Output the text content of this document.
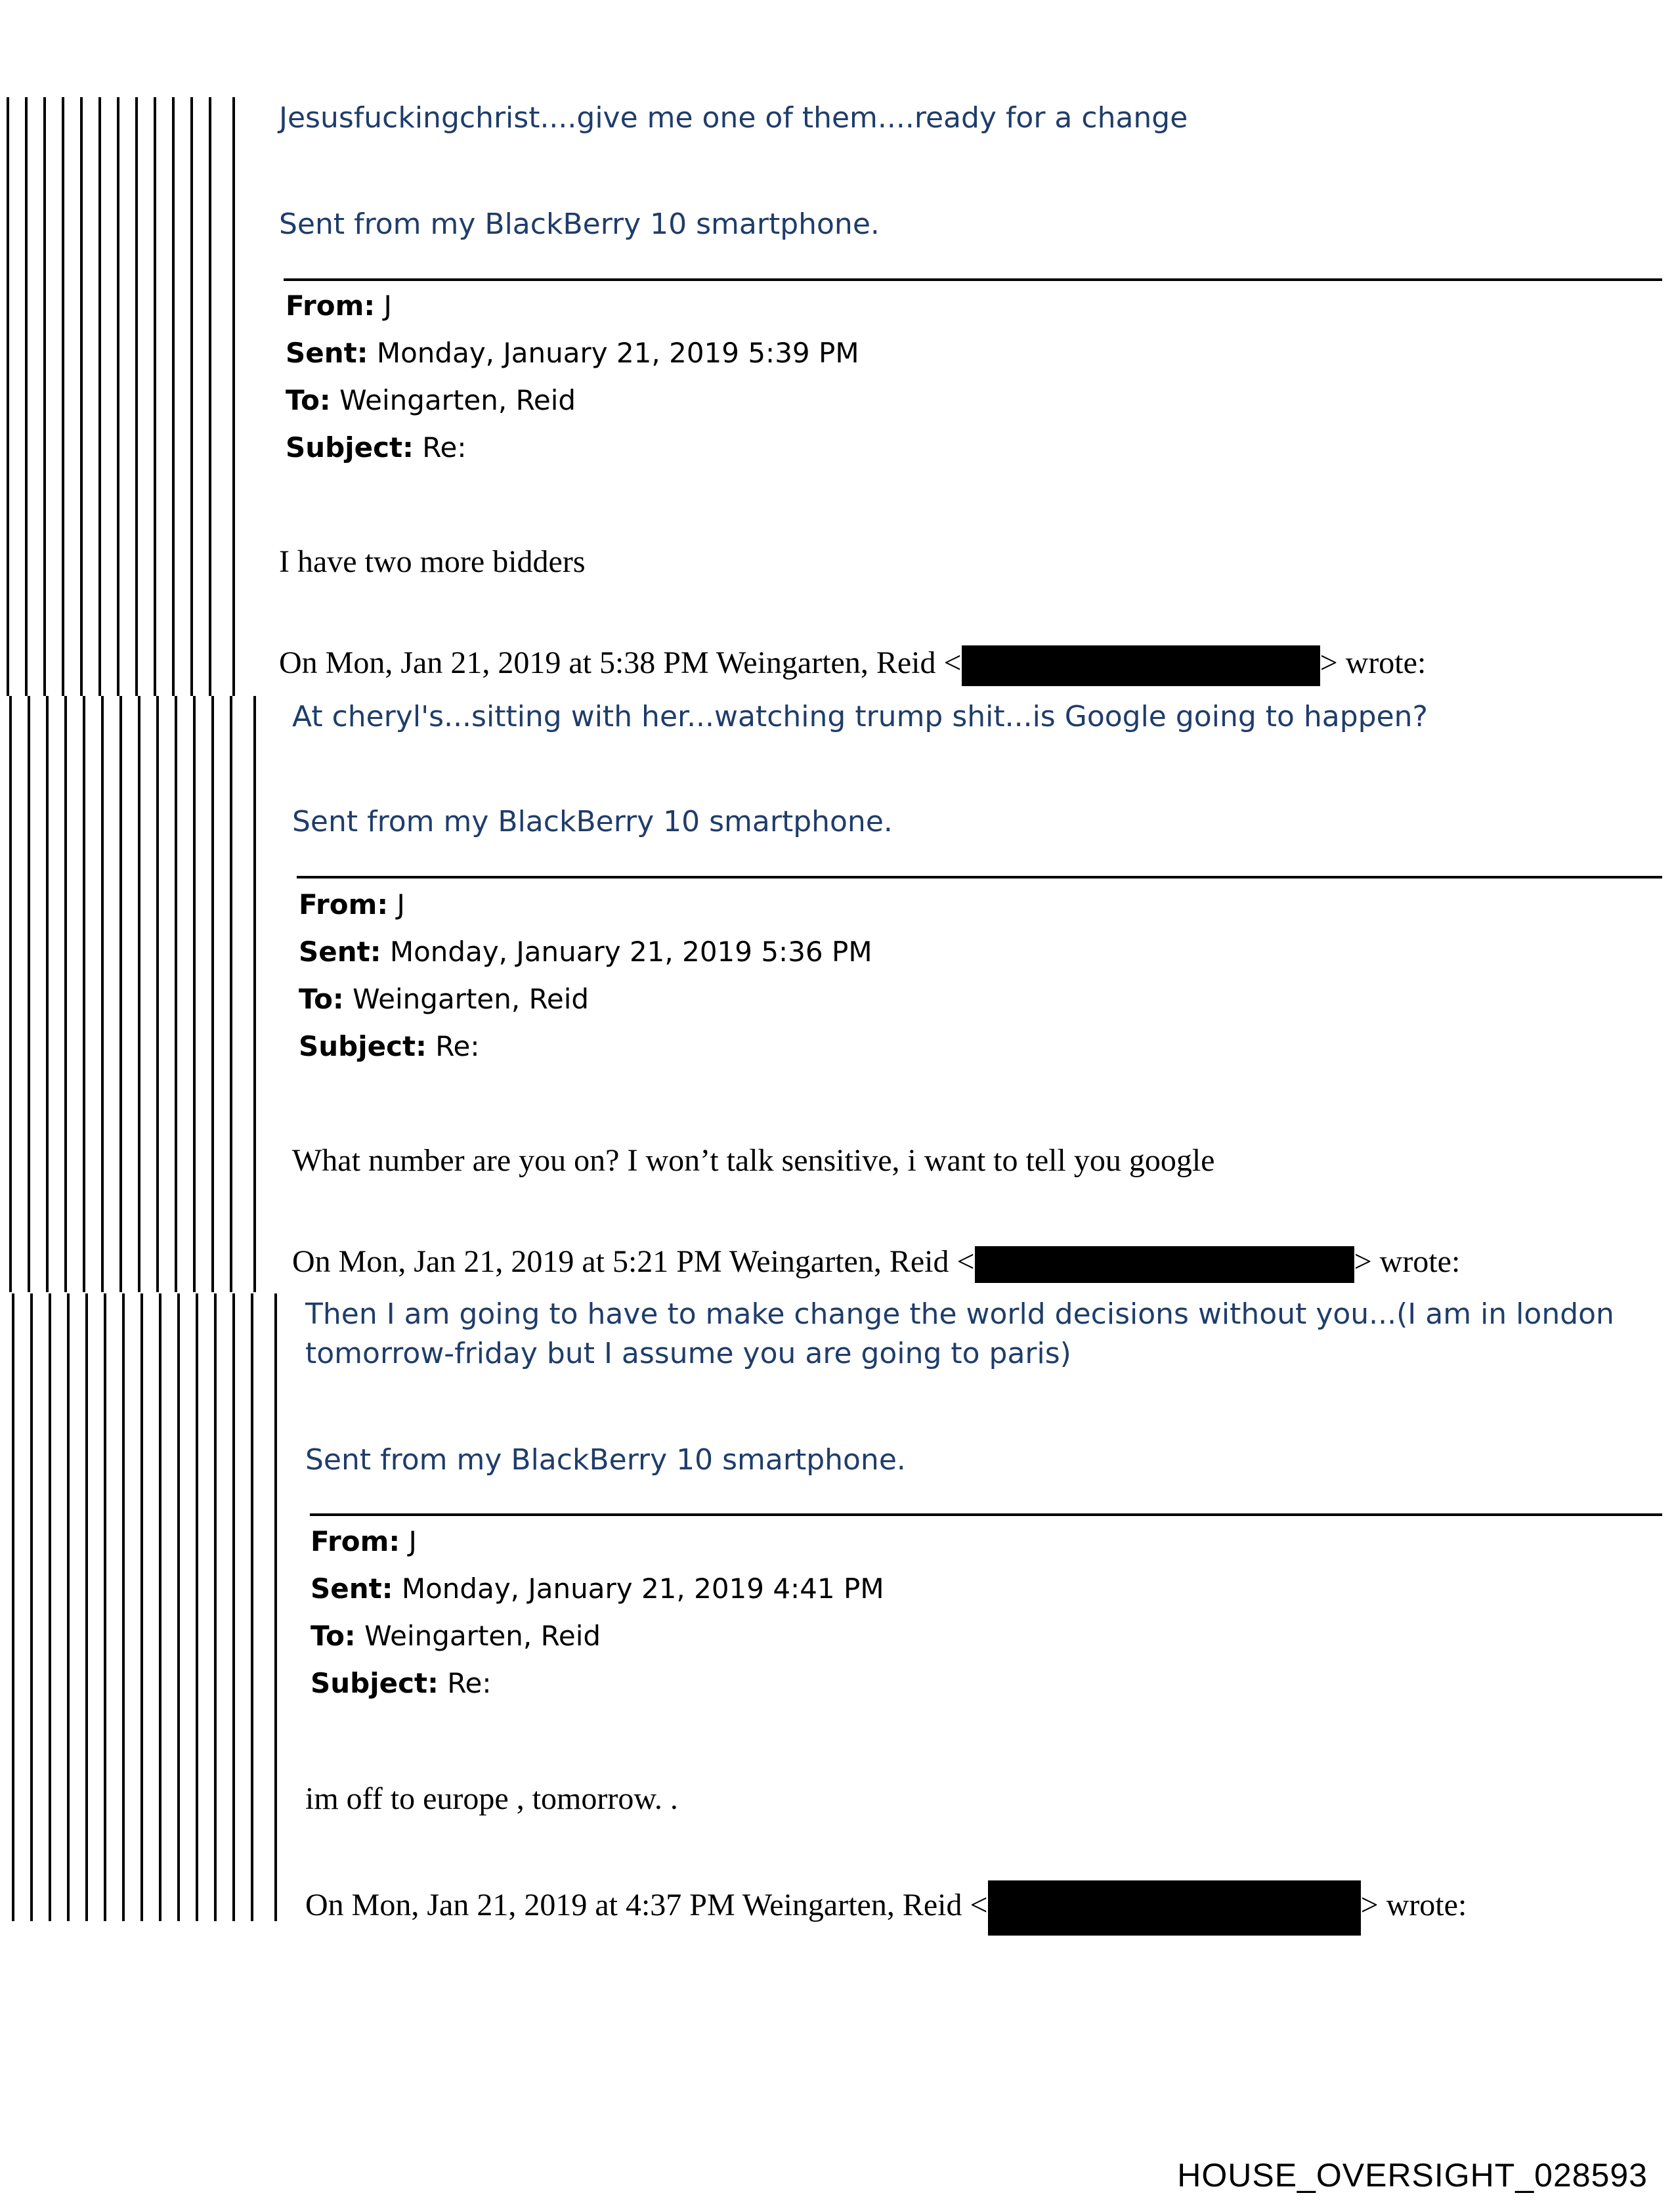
Jesusfuckingchrist....give me one of them....ready for a change
Sent from my BlackBerry 10 smartphone.
From: J
Sent: Monday, January 21, 2019 5:39 PM
To: Weingarten, Reid
Subject: Re:
I have two more bidders
On Mon, Jan 21, 2019 at 5:38 PM Weingarten, Reid <	> wrote:
At cheryl's...sitting with her...watching trump shit...is Google going to happen?
Sent from my BlackBerry 10 smartphone.
From: J
Sent: Monday, January 21, 2019 5:36 PM
To: Weingarten, Reid
Subject: Re:
What number are you on? I won’t talk sensitive, i want to tell you google
On Mon, Jan 21, 2019 at 5:21 PM Weingarten, Reid <	> wrote:
Then I am going to have to make change the world decisions without you...(I am in london
tomorrow-friday but I assume you are going to paris)
Sent from my BlackBerry 10 smartphone.
From: J
Sent: Monday, January 21, 2019 4:41 PM
To: Weingarten, Reid
Subject: Re:
im off to europe , tomorrow. .
On Mon, Jan 21, 2019 at 4:37 PM Weingarten, Reid <	> wrote:
HOUSE_OVERSIGHT_028593
